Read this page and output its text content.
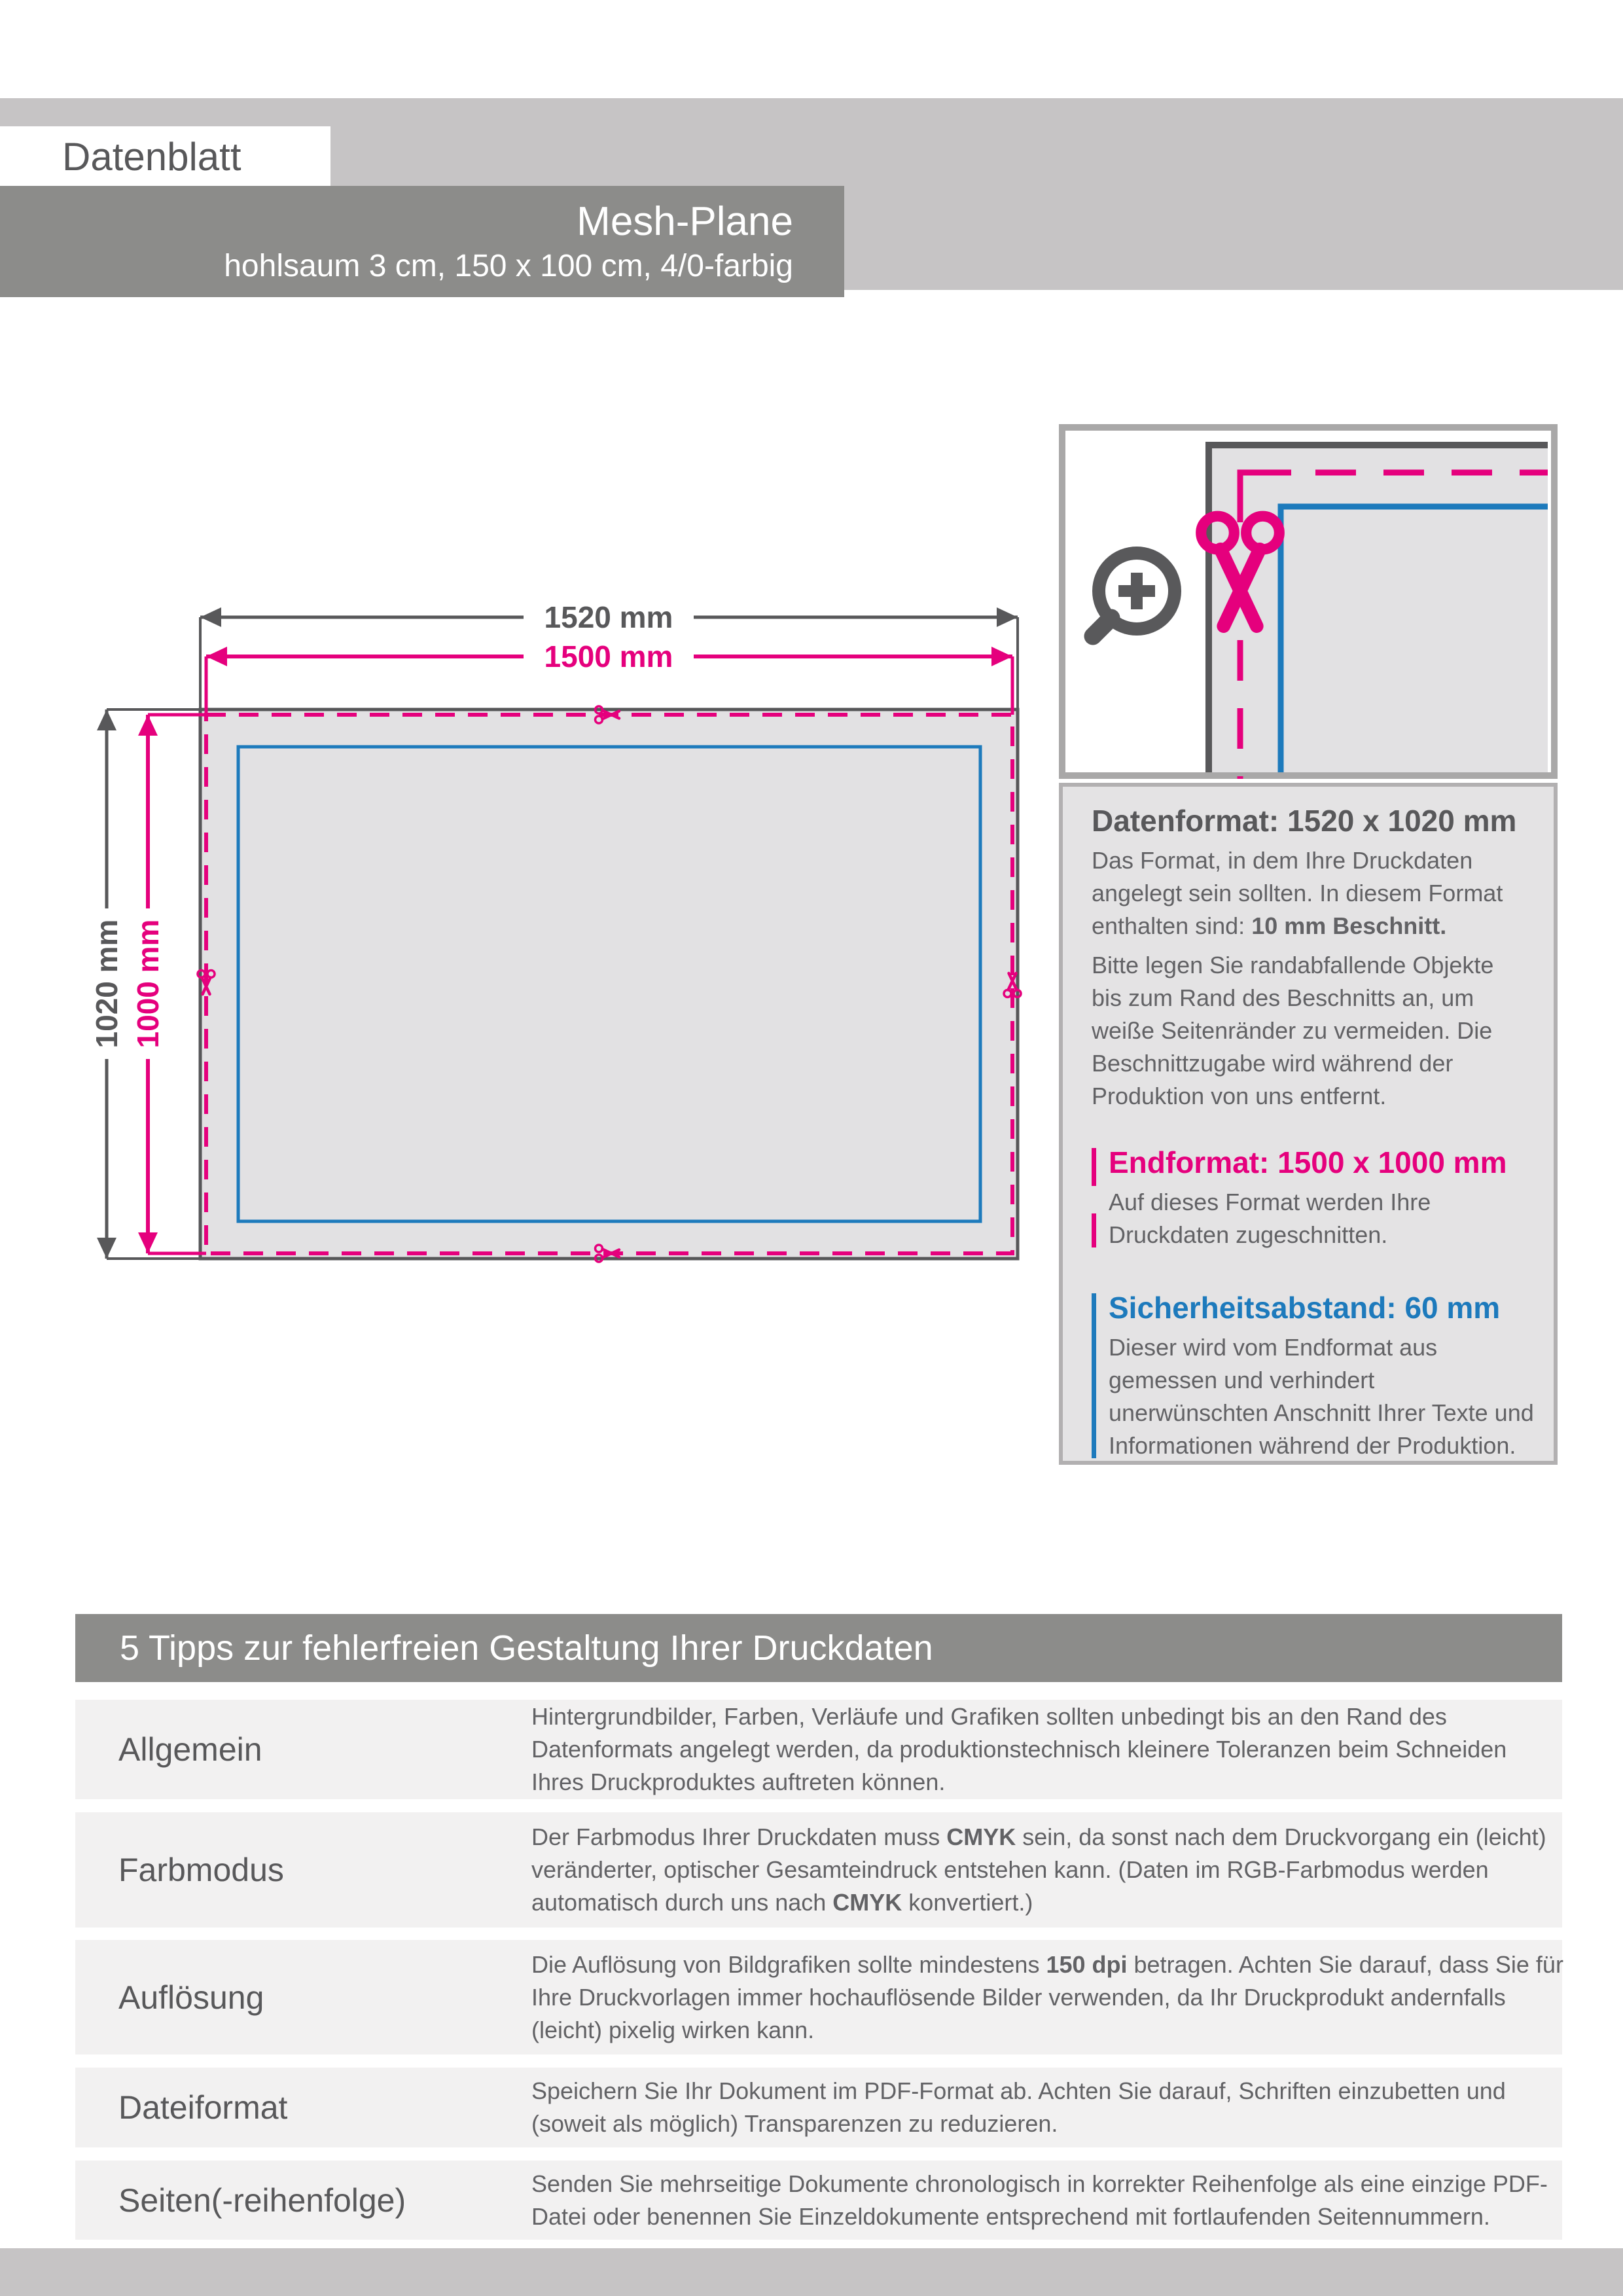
Datenblatt
Mesh-Plane
hohlsaum 3 cm, 150 x 100 cm, 4/0-farbig
1520 mm
1500 mm
1020 mm 1000 mm
Datenformat: 1520 x 1020 mm

Das Format, in dem Ihre Druckdaten angelegt sein sollten. In diesem Format enthalten sind: 10 mm Beschnitt.

Bitte legen Sie randabfallende Objekte bis zum Rand des Beschnitts an, um weiße Seitenränder zu vermeiden. Die Beschnittzugabe wird während der Produktion von uns entfernt.

Endformat: 1500 x 1000 mm

Auf dieses Format werden Ihre Druckdaten zugeschnitten.

Sicherheitsabstand: 60 mm

Dieser wird vom Endformat aus gemessen und verhindert unerwünschten Anschnitt Ihrer Texte und Informationen während der Produktion.

5 Tipps zur fehlerfreien Gestaltung Ihrer Druckdaten
Allgemein
Hintergrundbilder, Farben, Verläufe und Grafiken sollten unbedingt bis an den Rand des Datenformats angelegt werden, da produktionstechnisch kleinere Toleranzen beim Schneiden Ihres Druckproduktes auftreten können.
Farbmodus
Der Farbmodus Ihrer Druckdaten muss CMYK sein, da sonst nach dem Druckvorgang ein (leicht) veränderter, optischer Gesamteindruck entstehen kann. (Daten im RGB-Farbmodus werden automatisch durch uns nach CMYK konvertiert.)
Auflösung
Die Auflösung von Bildgrafiken sollte mindestens 150 dpi betragen. Achten Sie darauf, dass Sie für Ihre Druckvorlagen immer hochauflösende Bilder verwenden, da Ihr Druckprodukt andernfalls (leicht) pixelig wirken kann.
Dateiformat	Speichern Sie Ihr Dokument im PDF-Format ab. Achten Sie darauf, Schriften einzubetten und (soweit als möglich) Transparenzen zu reduzieren.
Seiten(-reihenfolge)	Senden Sie mehrseitige Dokumente chronologisch in korrekter Reihenfolge als eine einzige PDF-Datei oder benennen Sie Einzeldokumente entsprechend mit fortlaufenden Seitennummern.
